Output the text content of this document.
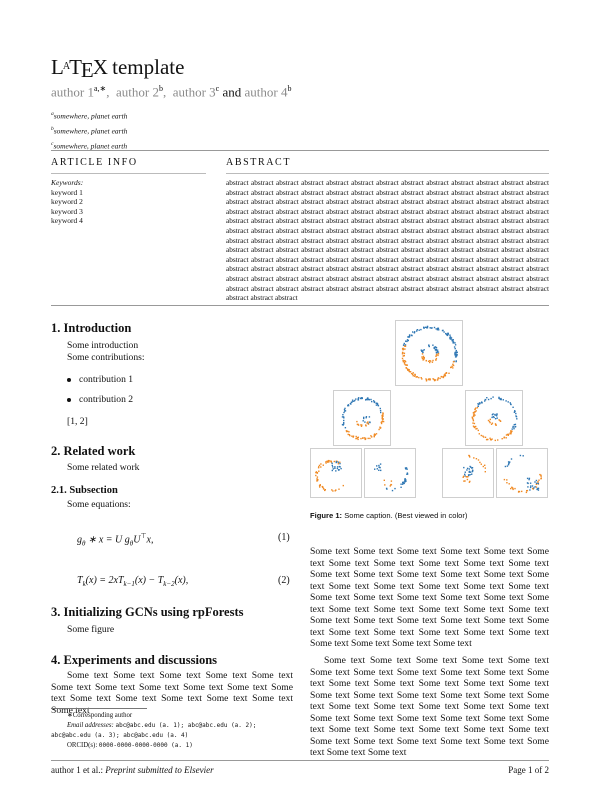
$L^ATEX$ template
author $1^{a,∗}$,  author 2$^b$,  author 3$^c$ and author 4$^b$
$^a$somewhere, planet earth
$^b$somewhere, planet earth
$^c$somewhere, planet earth
ARTICLE INFO	ABSTRACT
Keywords:
keyword 1
keyword 2
keyword 3
keyword 4
abstract abstract abstract abstract abstract abstract abstract abstract abstract abstract abstract abstract abstract abstract abstract abstract abstract abstract abstract abstract abstract abstract abstract abstract abstract abstract abstract abstract abstract abstract abstract abstract abstract abstract abstract abstract abstract abstract abstract abstract abstract abstract abstract abstract abstract abstract abstract abstract abstract abstract abstract abstract abstract abstract abstract abstract abstract abstract abstract abstract abstract abstract abstract abstract abstract abstract abstract abstract abstract abstract abstract abstract abstract abstract abstract abstract abstract abstract abstract abstract abstract abstract abstract abstract abstract abstract abstract abstract abstract abstract abstract abstract abstract abstract abstract abstract abstract abstract abstract abstract abstract abstract abstract abstract abstract abstract abstract abstract abstract abstract abstract abstract abstract abstract abstract abstract abstract abstract abstract abstract abstract abstract abstract abstract abstract abstract abstract abstract abstract abstract abstract abstract abstract abstract abstract abstract abstract abstract abstract abstract abstract abstract abstract abstract abstract abstract abstract abstract abstract abstract abstract abstract abstract abstract abstract abstract abstract abstract abstract
1. Introduction
Some introduction
Some contributions:
contribution 1
contribution 2
[1, 2]
2. Related work
Some related work
2.1. Subsection
Some equations:
$g_\theta$ ∗ x = U $g_\theta U^⊤x$,	(1)
$T_k(x) = 2xT_{k-1}(x) - T_{k-2}(x)$,	(2)
3. Initializing GCNs using rpForests
Some figure
4. Experiments and discussions
Some text Some text Some text Some text Some text Some text Some text Some text Some text Some text Some text Some text Some text Some text Some text Some text Some text
∗Corresponding author
Email addresses: abc@abc.edu (a. 1); abc@abc.edu (a. 2); abc@abc.edu (a. 3); abc@abc.edu (a. 4)
ORCID(s): 0000-0000-0000-0000 (a. 1)
Figure 1: Some caption. (Best viewed in color)
Some text Some text Some text Some text Some text Some text Some text Some text Some text Some text Some text Some text Some text Some text Some text Some text Some text Some text Some text Some text Some text Some text Some text Some text Some text Some text Some text Some text Some text Some text Some text Some text Some text Some text Some text Some text Some text Some text Some text Some text Some text Some text Some text Some text Some text Some text Some text Some text
Some text Some text Some text Some text Some text Some text Some text Some text Some text Some text Some text Some text Some text Some text Some text Some text Some text Some text Some text Some text Some text Some text Some text Some text Some text Some text Some text Some text Some text Some text Some text Some text Some text Some text Some text Some text Some text Some text Some text Some text Some text Some text Some text Some text Some text Some text
author 1 et al.: Preprint submitted to Elsevier	Page 1 of 2
